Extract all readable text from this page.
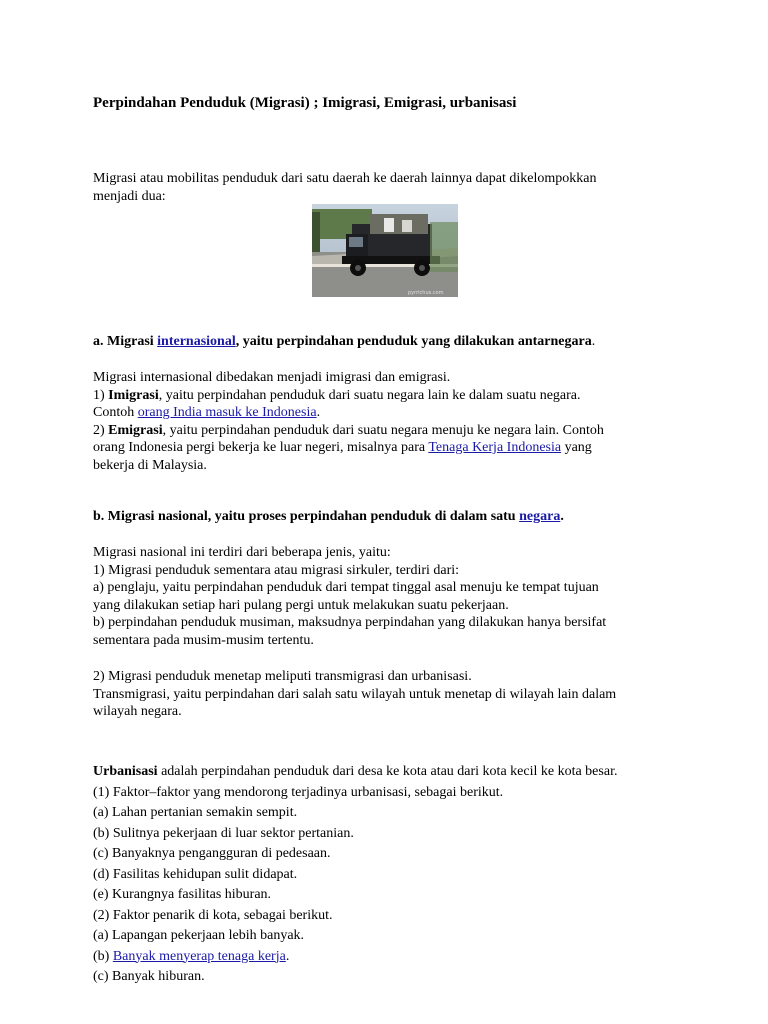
Perpindahan Penduduk (Migrasi) ; Imigrasi, Emigrasi, urbanisasi
Migrasi atau mobilitas penduduk dari satu daerah ke daerah lainnya dapat dikelompokkan
menjadi dua:
pyrrichus.com
a. Migrasi internasional, yaitu perpindahan penduduk yang dilakukan antarnegara.
Migrasi internasional dibedakan menjadi imigrasi dan emigrasi.
1) Imigrasi, yaitu perpindahan penduduk dari suatu negara lain ke dalam suatu negara.
Contoh orang India masuk ke Indonesia.
2) Emigrasi, yaitu perpindahan penduduk dari suatu negara menuju ke negara lain. Contoh
orang Indonesia pergi bekerja ke luar negeri, misalnya para Tenaga Kerja Indonesia yang
bekerja di Malaysia.
b. Migrasi nasional, yaitu proses perpindahan penduduk di dalam satu negara.
Migrasi nasional ini terdiri dari beberapa jenis, yaitu:
1) Migrasi penduduk sementara atau migrasi sirkuler, terdiri dari:
a) penglaju, yaitu perpindahan penduduk dari tempat tinggal asal menuju ke tempat tujuan
yang dilakukan setiap hari pulang pergi untuk melakukan suatu pekerjaan.
b) perpindahan penduduk musiman, maksudnya perpindahan yang dilakukan hanya bersifat
sementara pada musim-musim tertentu.
2) Migrasi penduduk menetap meliputi transmigrasi dan urbanisasi.
Transmigrasi, yaitu perpindahan dari salah satu wilayah untuk menetap di wilayah lain dalam
wilayah negara.
Urbanisasi adalah perpindahan penduduk dari desa ke kota atau dari kota kecil ke kota besar.
(1) Faktor–faktor yang mendorong terjadinya urbanisasi, sebagai berikut.
(a) Lahan pertanian semakin sempit.
(b) Sulitnya pekerjaan di luar sektor pertanian.
(c) Banyaknya pengangguran di pedesaan.
(d) Fasilitas kehidupan sulit didapat.
(e) Kurangnya fasilitas hiburan.
(2) Faktor penarik di kota, sebagai berikut.
(a) Lapangan pekerjaan lebih banyak.
(b) Banyak menyerap tenaga kerja.
(c) Banyak hiburan.
